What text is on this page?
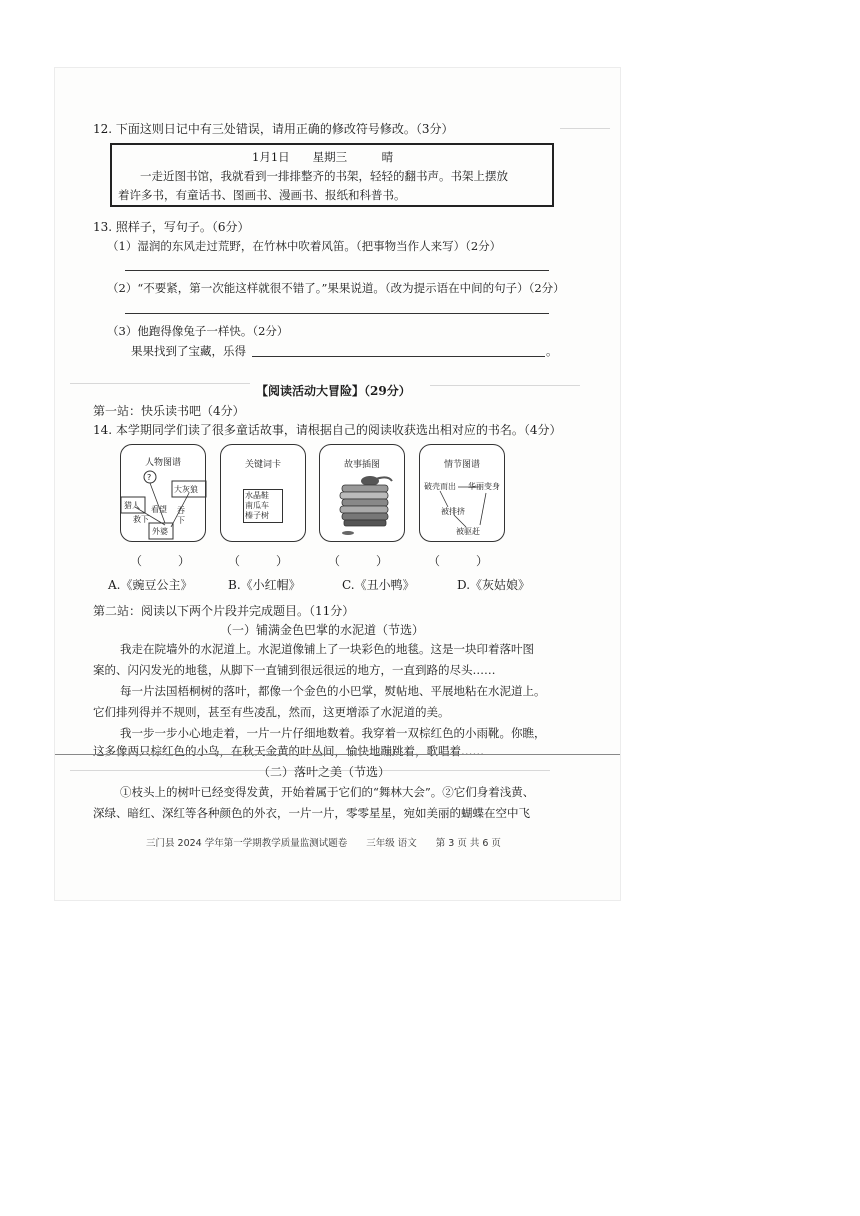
12. 下面这则日记中有三处错误，请用正确的修改符号修改。（3分）
1月1日　　星期三　　　晴
一走近图书馆，我就看到一排排整齐的书架，轻轻的翻书声。书架上摆放
着许多书，有童话书、图画书、漫画书、报纸和科普书。
13. 照样子，写句子。（6分）
（1）湿润的东风走过荒野，在竹林中吹着风笛。（把事物当作人来写）（2分）
（2）“不要紧，第一次能这样就很不错了。”果果说道。（改为提示语在中间的句子）（2分）
（3）他跑得像兔子一样快。（2分）
果果找到了宝藏，乐得	。
【阅读活动大冒险】（29分）
第一站：快乐读书吧（4分）
14. 本学期同学们读了很多童话故事，请根据自己的阅读收获选出相对应的书名。（4分）
人物图谱
?
大灰狼
猎人 看望 吞下
救下
外婆
关键词卡
水晶鞋
南瓜车
榛子树
故事插图	情节图谱
破壳而出 华丽变身
被排挤
被驱赶
（　　　）	（　　　）	（　　　）	（　　　）
A.《豌豆公主》	B.《小红帽》	C.《丑小鸭》	D.《灰姑娘》
第二站：阅读以下两个片段并完成题目。（11分）
（一）铺满金色巴掌的水泥道（节选）
我走在院墙外的水泥道上。水泥道像铺上了一块彩色的地毯。这是一块印着落叶图
案的、闪闪发光的地毯，从脚下一直铺到很远很远的地方，一直到路的尽头……
每一片法国梧桐树的落叶，都像一个金色的小巴掌，熨帖地、平展地粘在水泥道上。
它们排列得并不规则，甚至有些凌乱，然而，这更增添了水泥道的美。
我一步一步小心地走着，一片一片仔细地数着。我穿着一双棕红色的小雨靴。你瞧，
这多像两只棕红色的小鸟，在秋天金黄的叶丛间，愉快地蹦跳着，歌唱着……
（二）落叶之美（节选）
①枝头上的树叶已经变得发黄，开始着属于它们的“舞林大会”。②它们身着浅黄、
深绿、暗红、深红等各种颜色的外衣，一片一片，零零星星，宛如美丽的蝴蝶在空中飞
三门县 2024 学年第一学期教学质量监测试题卷　　三年级 语文　　第 3 页 共 6 页
